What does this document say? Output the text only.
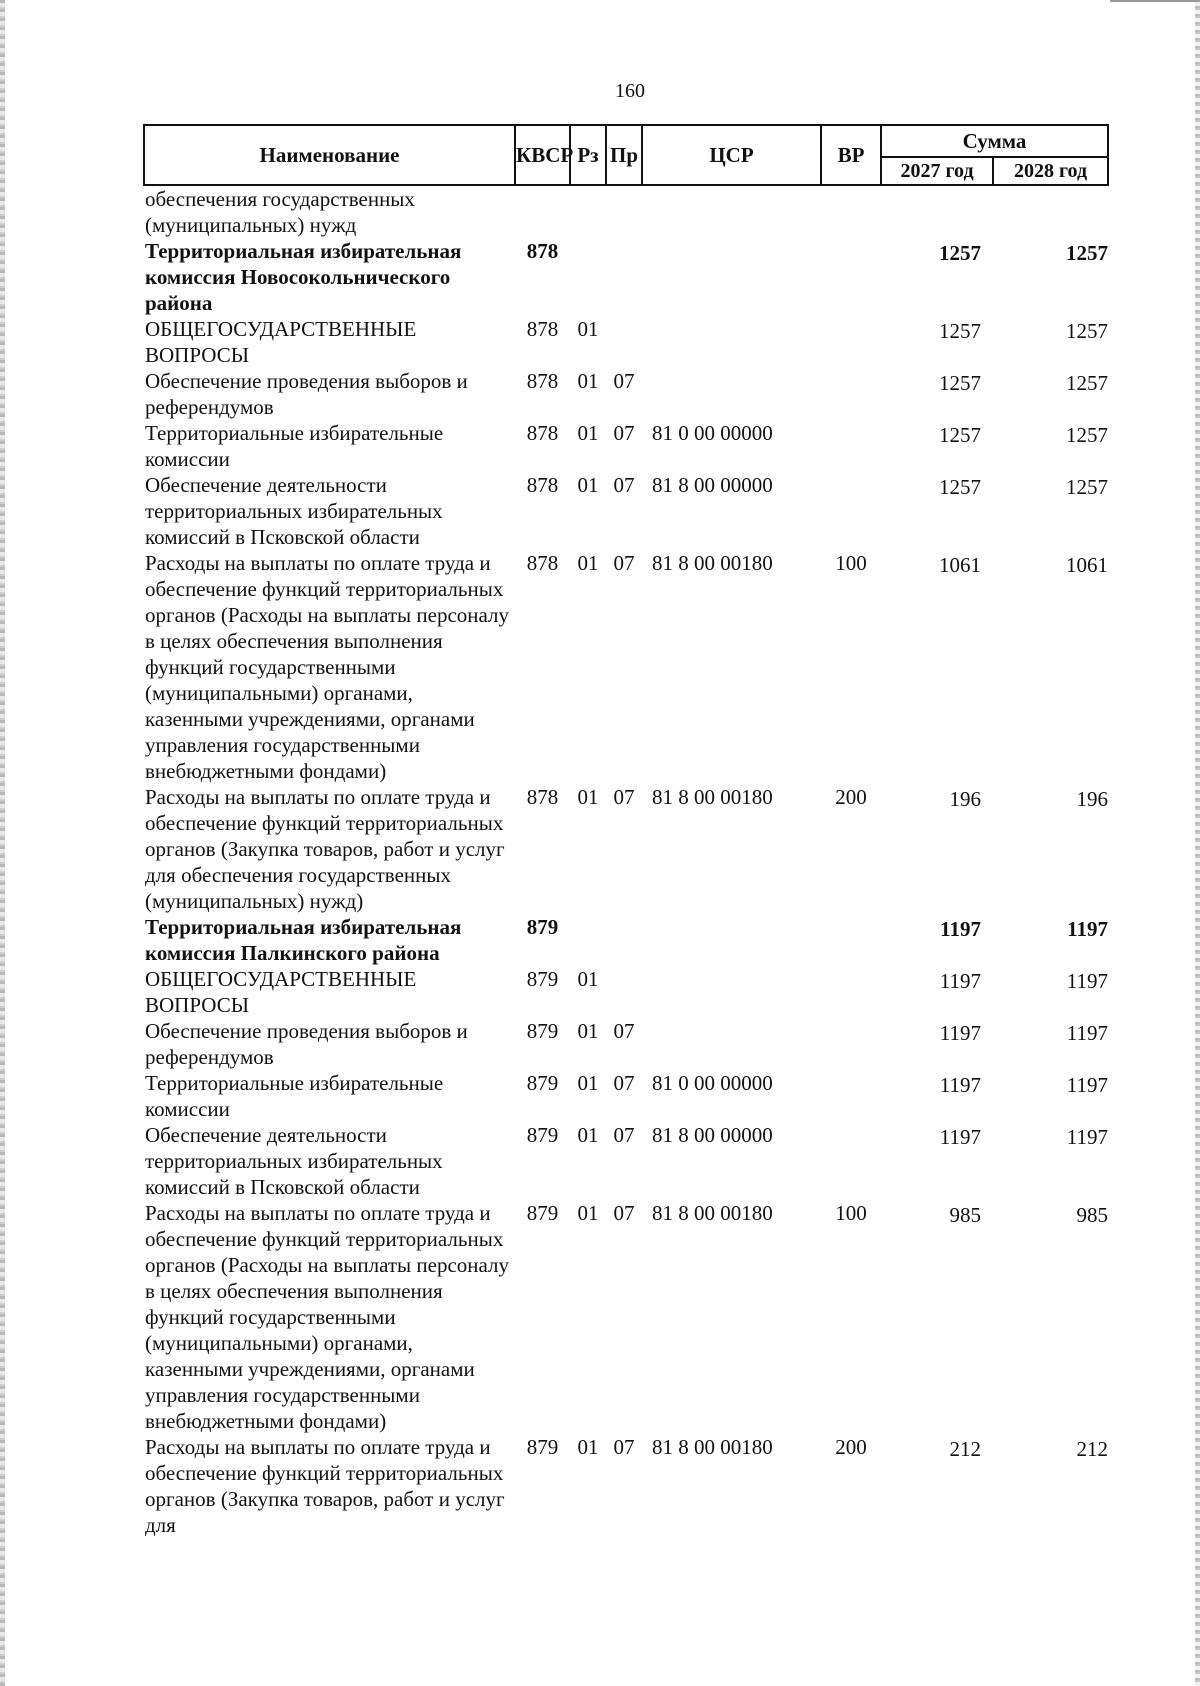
160
Наименование	КВСР	Рз	Пр	ЦСР	ВР	Сумма	
						2027 год	2028 год
обеспечения государственных (муниципальных) нужд							
Территориальная избирательная комиссия Новосокольнического района	878					1257	1257
ОБЩЕГОСУДАРСТВЕННЫЕ ВОПРОСЫ	878	01				1257	1257
Обеспечение проведения выборов и референдумов	878	01	07			1257	1257
Территориальные избирательные комиссии	878	01	07	81 0 00 00000		1257	1257
Обеспечение деятельности территориальных избирательных комиссий в Псковской области	878	01	07	81 8 00 00000		1257	1257
Расходы на выплаты по оплате труда и обеспечение функций территориальных органов (Расходы на выплаты персоналу в целях обеспечения выполнения функций государственными (муниципальными) органами, казенными учреждениями, органами управления государственными внебюджетными фондами)	878	01	07	81 8 00 00180	100	1061	1061
Расходы на выплаты по оплате труда и обеспечение функций территориальных органов (Закупка товаров, работ и услуг для обеспечения государственных (муниципальных) нужд)	878	01	07	81 8 00 00180	200	196	196
Территориальная избирательная комиссия Палкинского района	879					1197	1197
ОБЩЕГОСУДАРСТВЕННЫЕ ВОПРОСЫ	879	01				1197	1197
Обеспечение проведения выборов и референдумов	879	01	07			1197	1197
Территориальные избирательные комиссии	879	01	07	81 0 00 00000		1197	1197
Обеспечение деятельности территориальных избирательных комиссий в Псковской области	879	01	07	81 8 00 00000		1197	1197
Расходы на выплаты по оплате труда и обеспечение функций территориальных органов (Расходы на выплаты персоналу в целях обеспечения выполнения функций государственными (муниципальными) органами, казенными учреждениями, органами управления государственными внебюджетными фондами)	879	01	07	81 8 00 00180	100	985	985
Расходы на выплаты по оплате труда и обеспечение функций территориальных органов (Закупка товаров, работ и услуг для	879	01	07	81 8 00 00180	200	212	212
